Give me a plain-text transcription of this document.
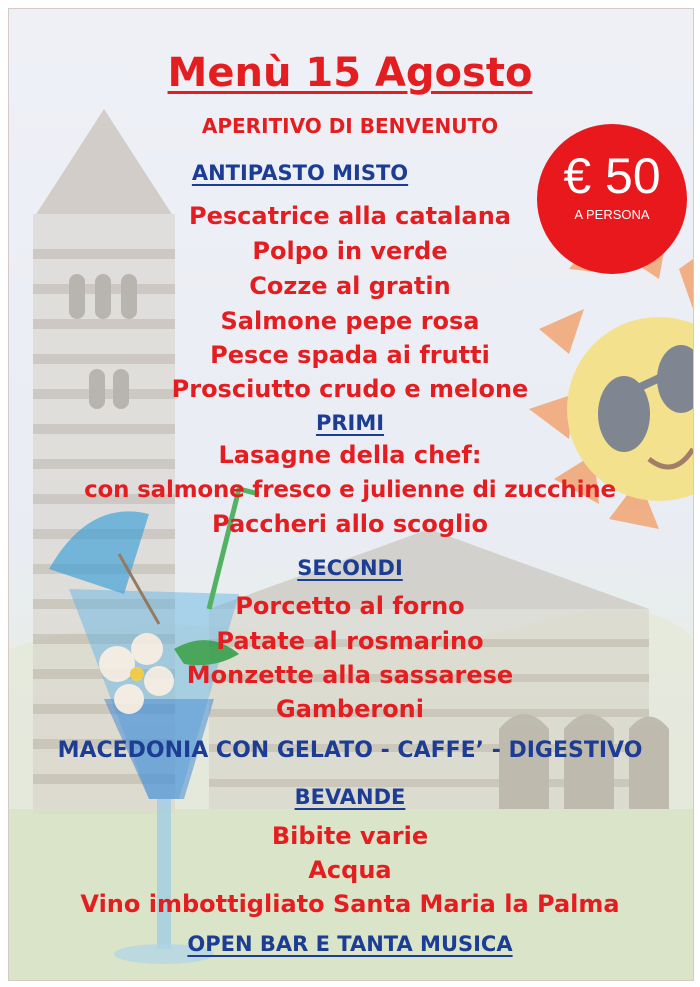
€ 50
A PERSONA
Menù 15 Agosto
APERITIVO DI BENVENUTO
ANTIPASTO MISTO
Pescatrice alla catalana
Polpo in verde
Cozze al gratin
Salmone pepe rosa
Pesce spada ai frutti
Prosciutto crudo e melone
PRIMI
Lasagne della chef:
con salmone fresco e julienne di zucchine
Paccheri allo scoglio
SECONDI
Porcetto al forno
Patate al rosmarino
Monzette alla sassarese
Gamberoni
MACEDONIA CON GELATO - CAFFE’ - DIGESTIVO
BEVANDE
Bibite varie
Acqua
Vino imbottigliato Santa Maria la Palma
OPEN BAR E TANTA MUSICA
